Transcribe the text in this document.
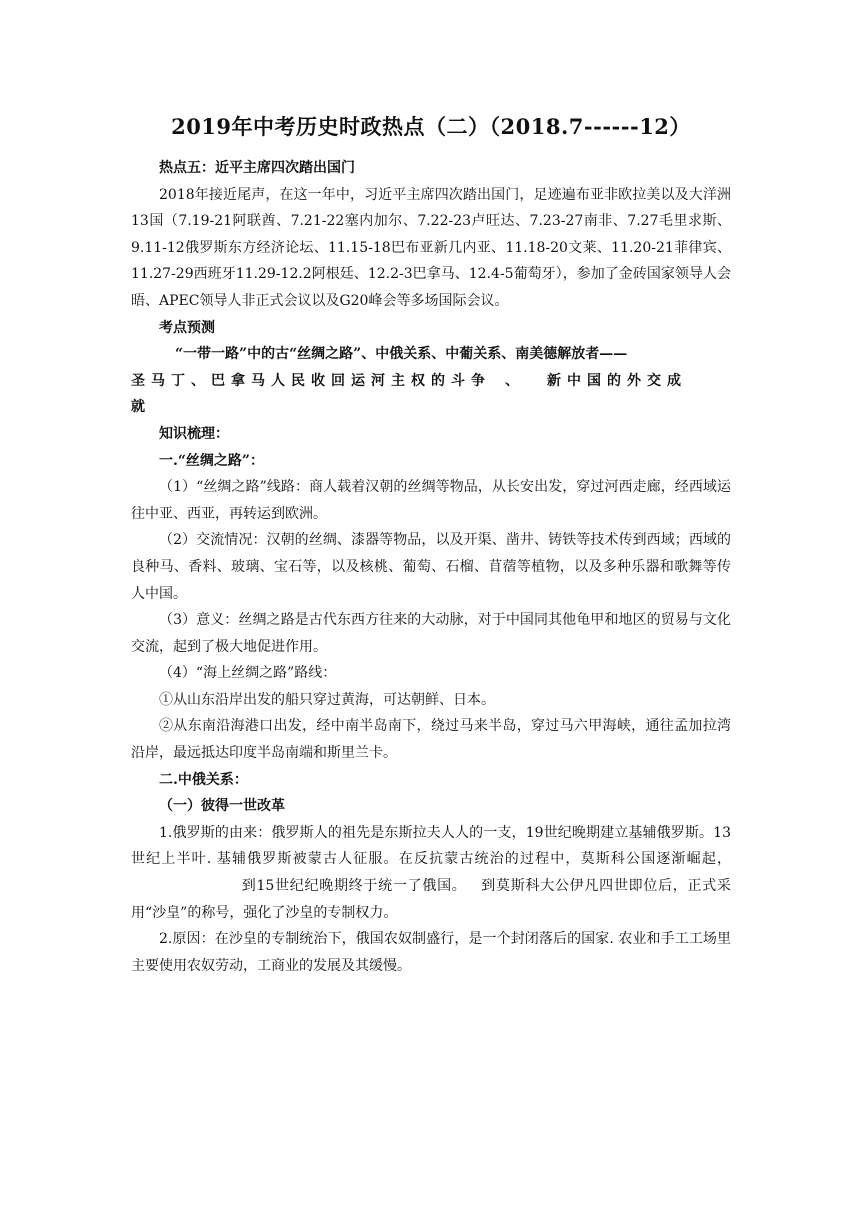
2019年中考历史时政热点（二）（2018.7------12）

热点五：近平主席四次踏出国门

2018年接近尾声，在这一年中，习近平主席四次踏出国门，足迹遍布亚非欧拉美以及大洋洲13国（7.19-21阿联酋、7.21-22塞内加尔、7.22-23卢旺达、7.23-27南非、7.27毛里求斯、9.11-12俄罗斯东方经济论坛、11.15-18巴布亚新几内亚、11.18-20文莱、11.20-21菲律宾、11.27-29西班牙11.29-12.2阿根廷、12.2-3巴拿马、12.4-5葡萄牙），参加了金砖国家领导人会晤、APEC领导人非正式会议以及G20峰会等多场国际会议。

考点预测

“一带一路”中的古“丝绸之路”、中俄关系、中葡关系、南美德解放者——

圣马丁、巴拿马人民收回运河主权的斗争 、 新中国的外交成

就

知识梳理：

一.“丝绸之路”：

（1）“丝绸之路”线路：商人载着汉朝的丝绸等物品，从长安出发，穿过河西走廊，经西域运往中亚、西亚，再转运到欧洲。

（2）交流情况：汉朝的丝绸、漆器等物品，以及开渠、凿井、铸铁等技术传到西域；西域的良种马、香料、玻璃、宝石等，以及核桃、葡萄、石榴、苜蓿等植物，以及多种乐器和歌舞等传人中国。

（3）意义：丝绸之路是古代东西方往来的大动脉，对于中国同其他龟甲和地区的贸易与文化交流，起到了极大地促进作用。

（4）“海上丝绸之路”路线：

①从山东沿岸出发的船只穿过黄海，可达朝鲜、日本。

②从东南沿海港口出发，经中南半岛南下，绕过马来半岛，穿过马六甲海峡，通往孟加拉湾沿岸，最远抵达印度半岛南端和斯里兰卡。

二.中俄关系：

（一）彼得一世改革

1.俄罗斯的由来：俄罗斯人的祖先是东斯拉夫人人的一支，19世纪晚期建立基辅俄罗斯。13世纪上半叶. 基辅俄罗斯被蒙古人征服。在反抗蒙古统治的过程中，莫斯科公国逐渐崛起，到15世纪纪晚期终于统一了俄国。 到莫斯科大公伊凡四世即位后，正式采用“沙皇”的称号，强化了沙皇的专制权力。

2.原因：在沙皇的专制统治下，俄国农奴制盛行，是一个封闭落后的国家. 农业和手工工场里主要使用农奴劳动，工商业的发展及其缓慢。
